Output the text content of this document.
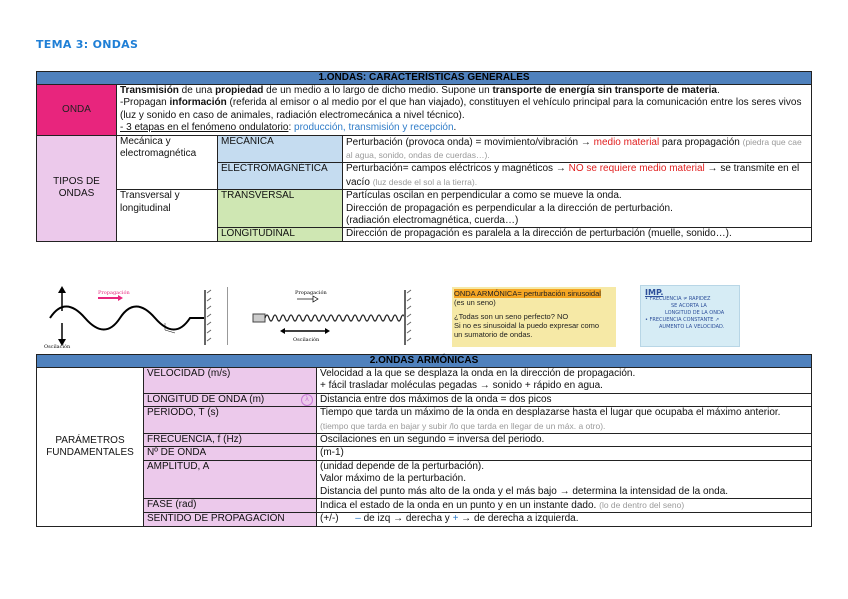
TEMA 3: ONDAS
1.ONDAS: CARACTERÍSTICAS GENERALES			
ONDA	Transmisión de una propiedad de un medio a lo largo de dicho medio. Supone un transporte de energía sin transporte de materia.
-Propagan información (referida al emisor o al medio por el que han viajado), constituyen el vehículo principal para la comunicación entre los seres vivos (luz y sonido en caso de animales, radiación electromecánica a nivel técnico).
- 3 etapas en el fenómeno ondulatorio: producción, transmisión y recepción.		
TIPOS DE ONDAS	Mecánica y electromagnética	MECÁNICA	Perturbación (provoca onda) = movimiento/vibración → medio material para propagación (piedra que cae al agua, sonido, ondas de cuerdas…).
		ELECTROMAGNÉTICA	Perturbación= campos eléctricos y magnéticos → NO se requiere medio material → se transmite en el vacío (luz desde el sol a la tierra).
	Transversal y longitudinal	TRANSVERSAL	Partículas oscilan en perpendicular a como se mueve la onda.
Dirección de propagación es perpendicular a la dirección de perturbación.
(radiación electromagnética, cuerda…)
		LONGITUDINAL	Dirección de propagación es paralela a la dirección de perturbación (muelle, sonido…).
Propagación
Oscilación
Propagación
Oscilación
ONDA ARMÓNICA= perturbación sinusoidal
(es un seno)

¿Todas son un seno perfecto? NO
Si no es sinusoidal la puedo expresar como
un sumatorio de ondas.
IMP.
• FRECUENCIA ≠ RAPIDEZ
SE ACORTA LA
LONGITUD DE LA ONDA
• FRECUENCIA CONSTANTE ↗
AUMENTO LA VELOCIDAD.
2.ONDAS ARMÓNICAS		
PARÁMETROS FUNDAMENTALES	VELOCIDAD (m/s)	Velocidad a la que se desplaza la onda en la dirección de propagación.
+ fácil trasladar moléculas pegadas → sonido + rápido en agua.
	LONGITUD DE ONDA (m) λ	Distancia entre dos máximos de la onda = dos picos
	PERIODO, T (s)	Tiempo que tarda un máximo de la onda en desplazarse hasta el lugar que ocupaba el máximo anterior. (tiempo que tarda en bajar y subir /lo que tarda en llegar de un máx. a otro).
	FRECUENCIA, f (Hz)	Oscilaciones en un segundo = inversa del periodo.
	Nº DE ONDA	(m-1)
	AMPLITUD, A	(unidad depende de la perturbación).
Valor máximo de la perturbación.
Distancia del punto más alto de la onda y el más bajo → determina la intensidad de la onda.
	FASE (rad)	Indica el estado de la onda en un punto y en un instante dado. (lo de dentro del seno)
	SENTIDO DE PROPAGACIÓN	(+/-) – de izq → derecha y + → de derecha a izquierda.
